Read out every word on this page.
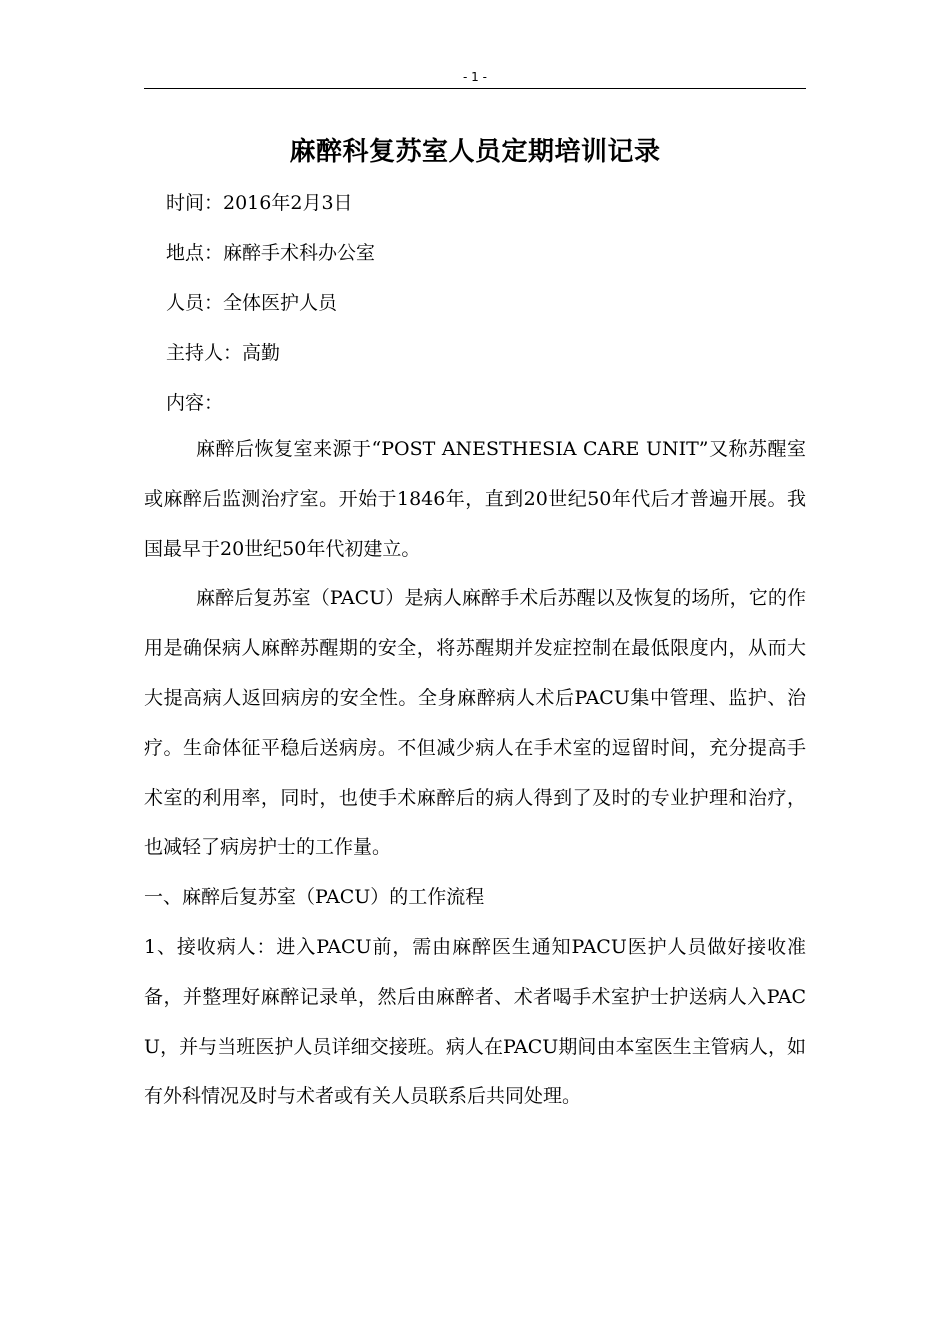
- 1 -
麻醉科复苏室人员定期培训记录
时间：2016年2月3日
地点：麻醉手术科办公室
人员：全体医护人员
主持人：高勤
内容：

麻醉后恢复室来源于“POST ANESTHESIA CARE UNIT”又称苏醒室或麻醉后监测治疗室。开始于1846年，直到20世纪50年代后才普遍开展。我国最早于20世纪50年代初建立。

麻醉后复苏室（PACU）是病人麻醉手术后苏醒以及恢复的场所，它的作用是确保病人麻醉苏醒期的安全，将苏醒期并发症控制在最低限度内，从而大大提高病人返回病房的安全性。全身麻醉病人术后PACU集中管理、监护、治疗。生命体征平稳后送病房。不但减少病人在手术室的逗留时间，充分提高手术室的利用率，同时，也使手术麻醉后的病人得到了及时的专业护理和治疗，也减轻了病房护士的工作量。

一、麻醉后复苏室（PACU）的工作流程

1、接收病人：进入PACU前，需由麻醉医生通知PACU医护人员做好接收准备，并整理好麻醉记录单，然后由麻醉者、术者喝手术室护士护送病人入PACU，并与当班医护人员详细交接班。病人在PACU期间由本室医生主管病人，如有外科情况及时与术者或有关人员联系后共同处理。
